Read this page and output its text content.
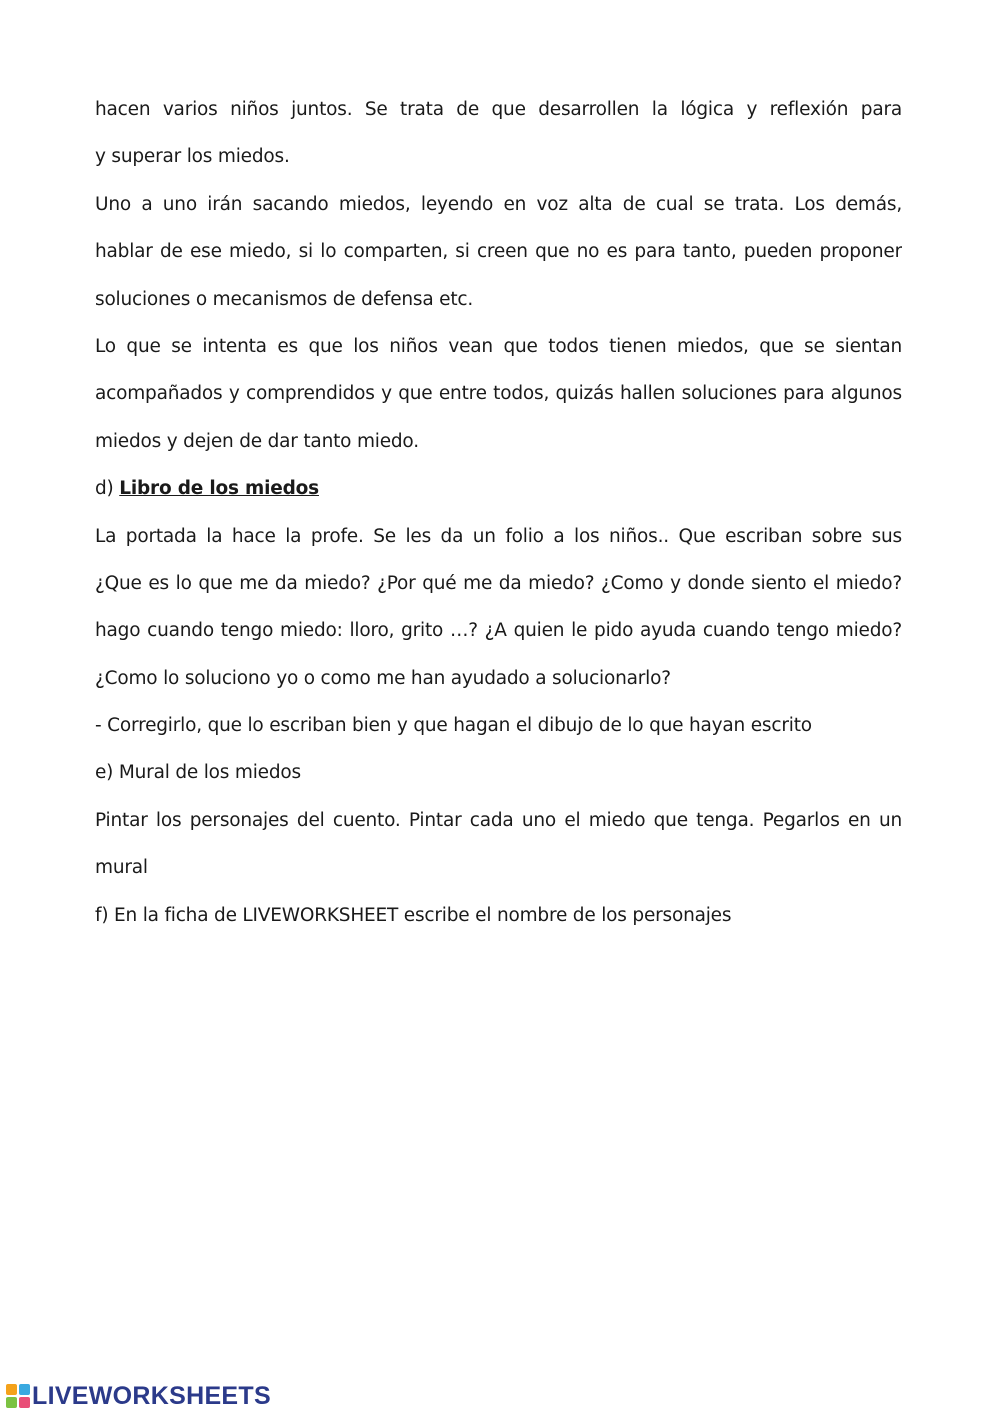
hacen varios niños juntos. Se trata de que desarrollen la lógica y reflexión para
y superar los miedos.
Uno a uno irán sacando miedos, leyendo en voz alta de cual se trata. Los demás,
hablar de ese miedo, si lo comparten, si creen que no es para tanto, pueden proponer
soluciones o mecanismos de defensa etc.
Lo que se intenta es que los niños vean que todos tienen miedos, que se sientan
acompañados y comprendidos y que entre todos, quizás hallen soluciones para algunos
miedos y dejen de dar tanto miedo.
d) Libro de los miedos
La portada la hace la profe. Se les da un folio a los niños.. Que escriban sobre sus
¿Que es lo que me da miedo? ¿Por qué me da miedo? ¿Como y donde siento el miedo?
hago cuando tengo miedo: lloro, grito …? ¿A quien le pido ayuda cuando tengo miedo?
¿Como lo soluciono yo o como me han ayudado a solucionarlo?
- Corregirlo, que lo escriban bien y que hagan el dibujo de lo que hayan escrito
e) Mural de los miedos
Pintar los personajes del cuento. Pintar cada uno el miedo que tenga. Pegarlos en un
mural
f) En la ficha de LIVEWORKSHEET escribe el nombre de los personajes
LIVEWORKSHEETS
